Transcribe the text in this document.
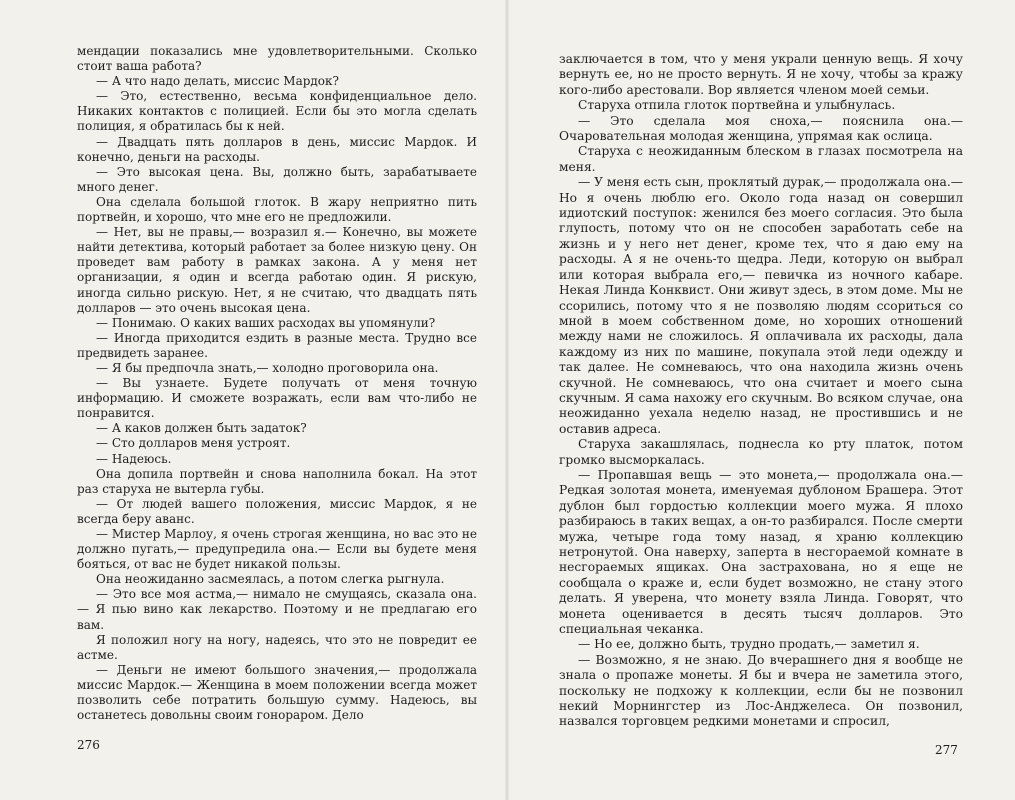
мендации показались мне удовлетворительными. Сколько стоит ваша работа?

— А что надо делать, миссис Мардок?

— Это, естественно, весьма конфиденциальное дело. Никаких контактов с полицией. Если бы это могла сделать полиция, я обратилась бы к ней.

— Двадцать пять долларов в день, миссис Мардок. И конечно, деньги на расходы.

— Это высокая цена. Вы, должно быть, зарабатываете много денег.

Она сделала большой глоток. В жару неприятно пить портвейн, и хорошо, что мне его не предложили.

— Нет, вы не правы,— возразил я.— Конечно, вы можете найти детектива, который работает за более низкую цену. Он проведет вам работу в рамках закона. А у меня нет организации, я один и всегда работаю один. Я рискую, иногда сильно рискую. Нет, я не считаю, что двадцать пять долларов — это очень высокая цена.

— Понимаю. О каких ваших расходах вы упомянули?

— Иногда приходится ездить в разные места. Трудно все предвидеть заранее.

— Я бы предпочла знать,— холодно проговорила она.

— Вы узнаете. Будете получать от меня точную информацию. И сможете возражать, если вам что-либо не понравится.

— А каков должен быть задаток?

— Сто долларов меня устроят.

— Надеюсь.

Она допила портвейн и снова наполнила бокал. На этот раз старуха не вытерла губы.

— От людей вашего положения, миссис Мардок, я не всегда беру аванс.

— Мистер Марлоу, я очень строгая женщина, но вас это не должно пугать,— предупредила она.— Если вы будете меня бояться, от вас не будет никакой пользы.

Она неожиданно засмеялась, а потом слегка рыгнула.

— Это все моя астма,— нимало не смущаясь, сказала она.— Я пью вино как лекарство. Поэтому и не предлагаю его вам.

Я положил ногу на ногу, надеясь, что это не повредит ее астме.

— Деньги не имеют большого значения,— продолжала миссис Мардок.— Женщина в моем положении всегда может позволить себе потратить большую сумму. Надеюсь, вы останетесь довольны своим гонораром. Дело

276

заключается в том, что у меня украли ценную вещь. Я хочу вернуть ее, но не просто вернуть. Я не хочу, чтобы за кражу кого-либо арестовали. Вор является членом моей семьи.

Старуха отпила глоток портвейна и улыбнулась.

— Это сделала моя сноха,— пояснила она.— Очаровательная молодая женщина, упрямая как ослица.

Старуха с неожиданным блеском в глазах посмотрела на меня.

— У меня есть сын, проклятый дурак,— продолжала она.— Но я очень люблю его. Около года назад он совершил идиотский поступок: женился без моего согласия. Это была глупость, потому что он не способен заработать себе на жизнь и у него нет денег, кроме тех, что я даю ему на расходы. А я не очень-то щедра. Леди, которую он выбрал или которая выбрала его,— певичка из ночного кабаре. Некая Линда Конквист. Они живут здесь, в этом доме. Мы не ссорились, потому что я не позволяю людям ссориться со мной в моем собственном доме, но хороших отношений между нами не сложилось. Я оплачивала их расходы, дала каждому из них по машине, покупала этой леди одежду и так далее. Не сомневаюсь, что она находила жизнь очень скучной. Не сомневаюсь, что она считает и моего сына скучным. Я сама нахожу его скучным. Во всяком случае, она неожиданно уехала неделю назад, не простившись и не оставив адреса.

Старуха закашлялась, поднесла ко рту платок, потом громко высморкалась.

— Пропавшая вещь — это монета,— продолжала она.— Редкая золотая монета, именуемая дублоном Брашера. Этот дублон был гордостью коллекции моего мужа. Я плохо разбираюсь в таких вещах, а он-то разбирался. После смерти мужа, четыре года тому назад, я храню коллекцию нетронутой. Она наверху, заперта в несгораемой комнате в несгораемых ящиках. Она застрахована, но я еще не сообщала о краже и, если будет возможно, не стану этого делать. Я уверена, что монету взяла Линда. Говорят, что монета оценивается в десять тысяч долларов. Это специальная чеканка.

— Но ее, должно быть, трудно продать,— заметил я.

— Возможно, я не знаю. До вчерашнего дня я вообще не знала о пропаже монеты. Я бы и вчера не заметила этого, поскольку не подхожу к коллекции, если бы не позвонил некий Морнингстер из Лос-Анджелеса. Он позвонил, назвался торговцем редкими монетами и спросил,

277
